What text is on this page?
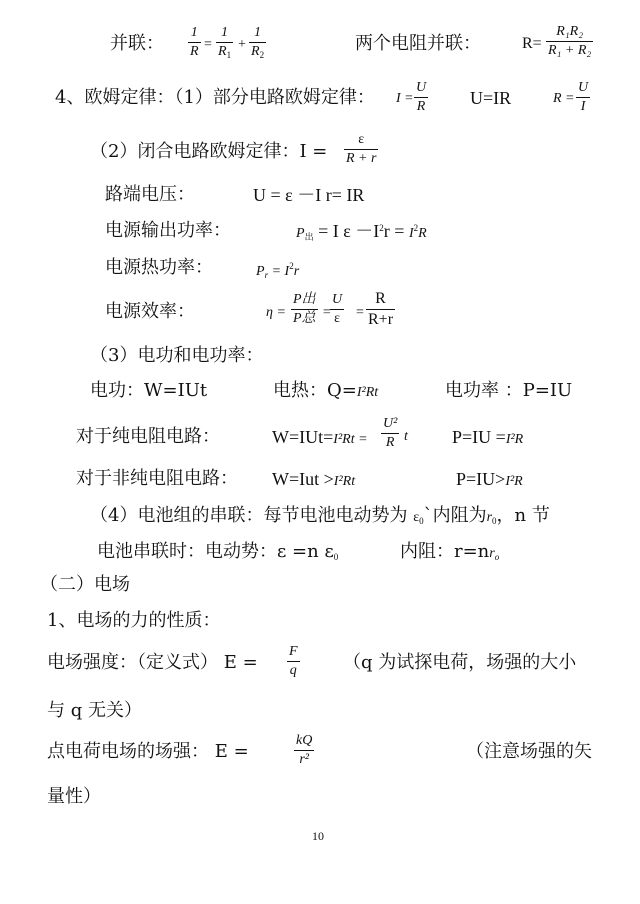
并联：
1
R =
1
$R_1$
+
1
$R_2$
两个电阻并联：	R=
R₁R₂
R₁ + R₂
4、欧姆定律：（1）部分电路欧姆定律： I =
U
R U=IR	R =
U
I
（2）闭合电路欧姆定律：I =
ε
R + r
路端电压：	U = ε －I r= IR
电源输出功率：	$P_出 = I$ $\varepsilon -I^2r = I^2R$
电源热功率：	$P_r = I^2r$
电源效率：	η =
P出
P总 =
U
ε =
R
R+r
（3）电功和电功率：
电功：W=IUt	电热：Q=I²Rt	电功率 ：P=IU
对于纯电阻电路：	W=IUt=I²Rt =
U²
R t P=IU =I²R
对于非纯电阻电路： W=Iut >I²Rt	P=IU>I²R
（4）电池组的串联：每节电池电动势为 $\varepsilon_0`$内阻为$r_0$，n 节
电池串联时：电动势：ε =n $\varepsilon_0$	内阻：$r=nr_o$
（二）电场
1、电场的力的性质：
电场强度：（定义式） E =
F
q	（q 为试探电荷，场强的大小
与 q 无关）
点电荷电场的场强： E =
kQ
r²	（注意场强的矢
量性）
10
